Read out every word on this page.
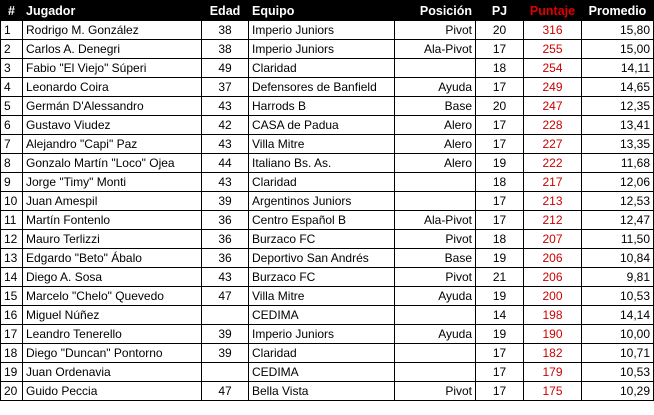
#	Jugador	Edad	Equipo	Posición	PJ	Puntaje	Promedio
1	Rodrigo M. González	38	Imperio Juniors	Pivot	20	316	15,80
2	Carlos A. Denegri	38	Imperio Juniors	Ala-Pivot	17	255	15,00
3	Fabio "El Viejo" Súperi	49	Claridad		18	254	14,11
4	Leonardo Coira	37	Defensores de Banfield	Ayuda	17	249	14,65
5	Germán D'Alessandro	43	Harrods B	Base	20	247	12,35
6	Gustavo Viudez	42	CASA de Padua	Alero	17	228	13,41
7	Alejandro "Capi" Paz	43	Villa Mitre	Alero	17	227	13,35
8	Gonzalo Martín "Loco" Ojea	44	Italiano Bs. As.	Alero	19	222	11,68
9	Jorge "Timy" Monti	43	Claridad		18	217	12,06
10	Juan Amespil	39	Argentinos Juniors		17	213	12,53
11	Martín Fontenlo	36	Centro Español B	Ala-Pivot	17	212	12,47
12	Mauro Terlizzi	36	Burzaco FC	Pivot	18	207	11,50
13	Edgardo "Beto" Ábalo	36	Deportivo San Andrés	Base	19	206	10,84
14	Diego A. Sosa	43	Burzaco FC	Pivot	21	206	9,81
15	Marcelo "Chelo" Quevedo	47	Villa Mitre	Ayuda	19	200	10,53
16	Miguel Núñez		CEDIMA		14	198	14,14
17	Leandro Tenerello	39	Imperio Juniors	Ayuda	19	190	10,00
18	Diego "Duncan" Pontorno	39	Claridad		17	182	10,71
19	Juan Ordenavia		CEDIMA		17	179	10,53
20	Guido Peccia	47	Bella Vista	Pivot	17	175	10,29
